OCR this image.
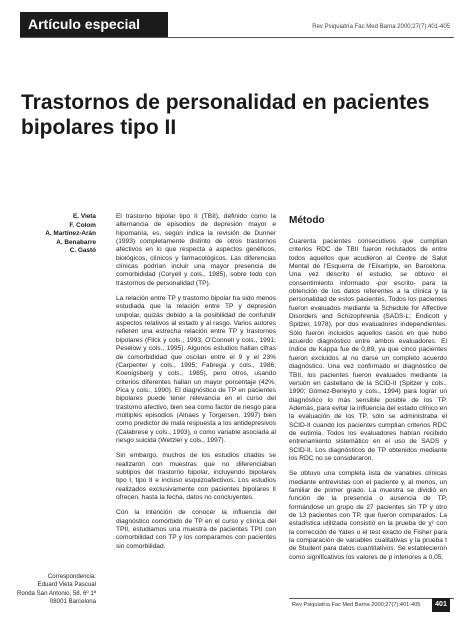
Artículo especial	Rev Psiquiatría Fac Med Barna 2000;27(7):401-405
Trastornos de personalidad en pacientes bipolares tipo II
E. Vieta
F. Colom
A. Martínez-Arán
A. Benabarre
C. Gastó

El trastorno bipolar tipo II (TBII), definido como la alternancia de episodios de depresión mayor e hipomanía, es, según indica la revisión de Dunner (1993) completamente distinto de otros trastornos afectivos en lo que respecta a aspectos genéticos, biológicos, clínicos y farmacológicos. Las diferencias clínicas podrían incluir una mayor presencia de comorbididad (Coryell y cols., 1985), sobre todo con trastornos de personalidad (TP).

La relación entre TP y trastorno bipolar ha sido menos estudiada que la relación entre TP y depresión unipolar, quizás debido a la posibilidad de confundir aspectos relativos al estado y al rasgo. Varios autores refieren una estrecha relación entre TP y trastornos bipolares (Flick y cols., 1993; O'Connell y cols., 1991; Peselow y cols., 1995). Algunos estudios hallan cifras de comorbididad que oscilan entre el 9 y el 23% (Carpenter y cols., 1995; Fabrega y cols., 1986; Koenigsberg y cols., 1985), pero otros, usando criterios diferentes hallan un mayor porcentaje (42%; Pica y cols., 1990). El diagnóstico de TP en pacientes bipolares puede tener relevancia en el curso del trastorno afectivo, bien sea como factor de riesgo para múltiples episodios (Alnaes y Torgersen, 1997) bien como predictor de mala respuesta a los antidepresivos (Calabrese y cols., 1993), o como variable asociada al riesgo suicida (Wetzler y cols., 1997).

Sin embargo, muchos de los estudios citados se realizaron con muestras que no diferenciaban subtipos del trastorno bipolar, incluyendo bipolares tipo I, tipo II e incluso esquizoafectivos. Los estudios realizados exclusivamente con pacientes bipolares II ofrecen, hasta la fecha, datos no concluyentes.

Con la intención de conocer la influencia del diagnóstico comórbido de TP en el curso y clínica del TPII, estudiamos una muestra de pacientes TPII con comorbilidad con TP y los comparamos con pacientes sin comorbilidad.

Método

Cuarenta pacientes consecutivos que cumplían criterios RDC de TBII fueron reclutados de entre todos aquellos que acudieron al Centre de Salut Mental de l'Esquerra de l'Eixample, en Barcelona. Una vez descrito el estudio, se obtuvo el consentimiento informado -por escrito- para la obtención de los datos referentes a la clínica y la personalidad de estos pacientes. Todos los pacientes fueron evaluados mediante la Schedule for Affective Disorders and Schizophrenia (SADS-L; Endicott y Spitzer, 1978), por dos evaluadores independientes. Sólo fueron incluidos aquellos casos en que hubo acuerdo diagnóstico entre ambos evaluadores. El índice de Kappa fue de 0,89, ya que cinco pacientes fueron excluidos al no darse un completo acuerdo diagnóstico. Una vez confirmado el diagnóstico de TBII, los pacientes fueron evaluados mediante la versión en castellano de la SCID-II (Spitzer y cols., 1990; Gómez-Beneyto y cols., 1994) para lograr un diagnóstico lo más sensible posible de los TP. Además, para evitar la influencia del estado clínico en la evaluación de los TP, sólo se administraba el SCID-II cuando los pacientes cumplían criterios RDC de eutimia. Todos los evaluadores habían recibido entrenamiento sistemático en el uso de SADS y SCID-II. Los diagnósticos de TP obtenidos mediante los RDC no se consideraron.

Se obtuvo una completa lista de variables clínicas mediante entrevistas con el paciente y, al menos, un familiar de primer grado. La muestra se dividió en función de la presencia o ausencia de TP, formándose un grupo de 27 pacientes sin TP y otro de 13 pacientes con TP, que fueron comparados. La estadística utilizada consistió en la prueba de χ² con la corrección de Yates o el test exacto de Fisher para la comparación de variables cualitativas y la prueba t de Student para datos cuantitativos. Se establecieron como significativos los valores de p inferiores a 0,05.

Correspondencia:
Eduard Vieta Pascual
Ronda San Antonio, 58, 6º 1ª
08001 Barcelona	Rev Psiquiatría Fac Med Barna 2000;27(7):401-405	401
